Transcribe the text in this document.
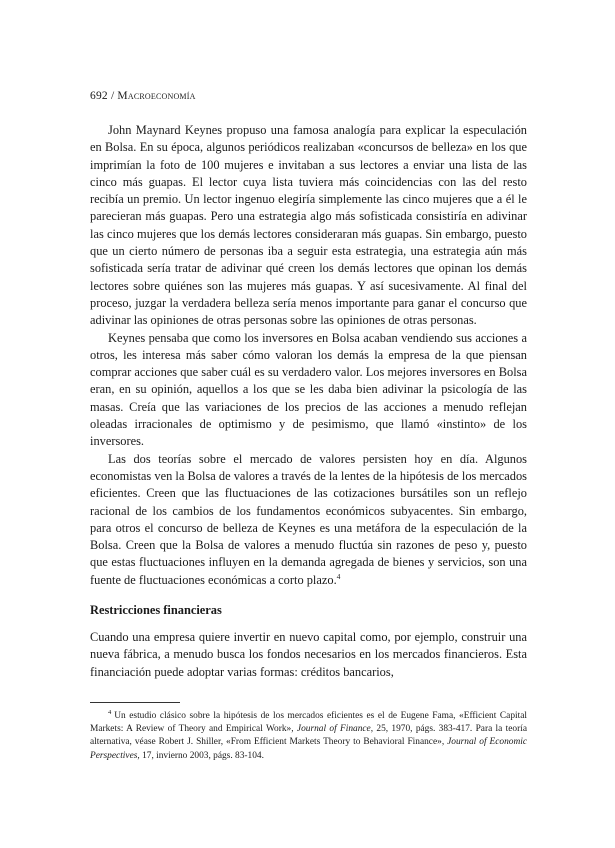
692 / Macroeconomía

John Maynard Keynes propuso una famosa analogía para explicar la especulación en Bolsa. En su época, algunos periódicos realizaban «concursos de belleza» en los que imprimían la foto de 100 mujeres e invitaban a sus lectores a enviar una lista de las cinco más guapas. El lector cuya lista tuviera más coincidencias con las del resto recibía un premio. Un lector ingenuo elegiría simplemente las cinco mujeres que a él le parecieran más guapas. Pero una estrategia algo más sofisticada consistiría en adivinar las cinco mujeres que los demás lectores consideraran más guapas. Sin embargo, puesto que un cierto número de personas iba a seguir esta estrategia, una estrategia aún más sofisticada sería tratar de adivinar qué creen los demás lectores que opinan los demás lectores sobre quiénes son las mujeres más guapas. Y así sucesivamente. Al final del proceso, juzgar la verdadera belleza sería menos importante para ganar el concurso que adivinar las opiniones de otras personas sobre las opiniones de otras personas.

Keynes pensaba que como los inversores en Bolsa acaban vendiendo sus acciones a otros, les interesa más saber cómo valoran los demás la empresa de la que piensan comprar acciones que saber cuál es su verdadero valor. Los mejores inversores en Bolsa eran, en su opinión, aquellos a los que se les daba bien adivinar la psicología de las masas. Creía que las variaciones de los precios de las acciones a menudo reflejan oleadas irracionales de optimismo y de pesimismo, que llamó «instinto» de los inversores.

Las dos teorías sobre el mercado de valores persisten hoy en día. Algunos economistas ven la Bolsa de valores a través de la lentes de la hipótesis de los mercados eficientes. Creen que las fluctuaciones de las cotizaciones bursátiles son un reflejo racional de los cambios de los fundamentos económicos subyacentes. Sin embargo, para otros el concurso de belleza de Keynes es una metáfora de la especulación de la Bolsa. Creen que la Bolsa de valores a menudo fluctúa sin razones de peso y, puesto que estas fluctuaciones influyen en la demanda agregada de bienes y servicios, son una fuente de fluctuaciones económicas a corto plazo.$^4$

Restricciones financieras

Cuando una empresa quiere invertir en nuevo capital como, por ejemplo, construir una nueva fábrica, a menudo busca los fondos necesarios en los mercados financieros. Esta financiación puede adoptar varias formas: créditos bancarios,

$^4$ Un estudio clásico sobre la hipótesis de los mercados eficientes es el de Eugene Fama, «Efficient Capital Markets: A Review of Theory and Empirical Work», Journal of Finance, 25, 1970, págs. 383-417. Para la teoría alternativa, véase Robert J. Shiller, «From Efficient Markets Theory to Behavioral Finance», Journal of Economic Perspectives, 17, invierno 2003, págs. 83-104.
